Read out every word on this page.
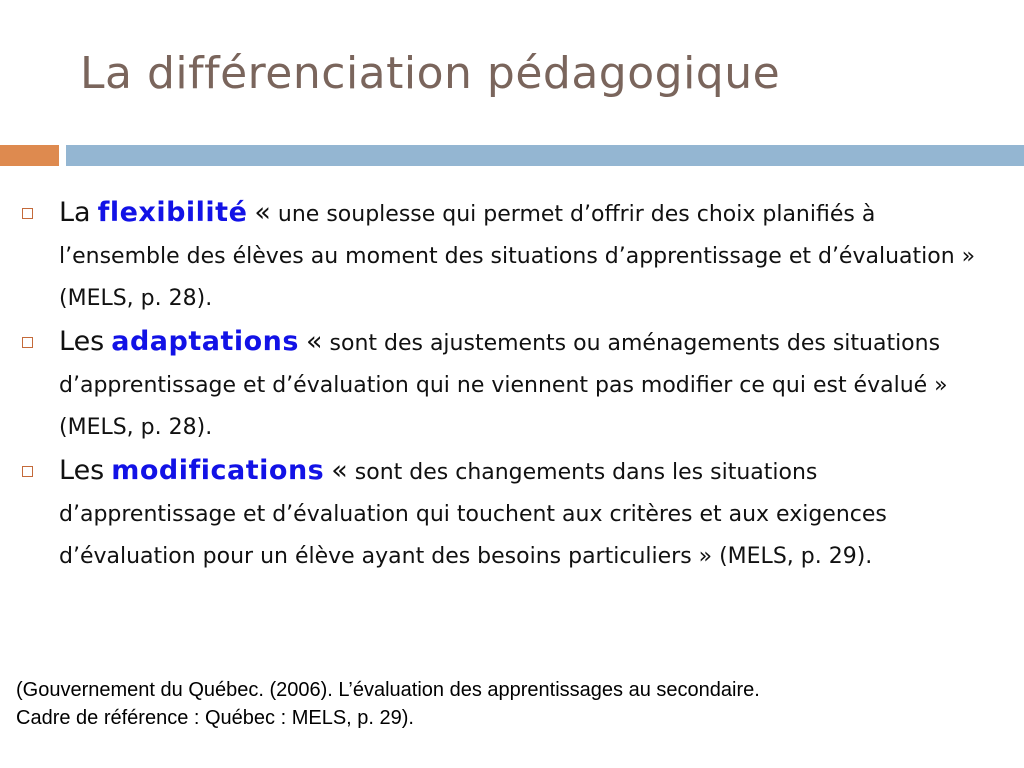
La différenciation pédagogique
La flexibilité « une souplesse qui permet d’offrir des choix planifiés à l’ensemble des élèves au moment des situations d’apprentissage et d’évaluation » (MELS, p. 28).
Les adaptations « sont des ajustements ou aménagements des situations d’apprentissage et d’évaluation qui ne viennent pas modifier ce qui est évalué » (MELS, p. 28).
Les modifications « sont des changements dans les situations d’apprentissage et d’évaluation qui touchent aux critères et aux exigences d’évaluation pour un élève ayant des besoins particuliers » (MELS, p. 29).

(Gouvernement du Québec. (2006). L’évaluation des apprentissages au secondaire.
Cadre de référence : Québec : MELS, p. 29).
